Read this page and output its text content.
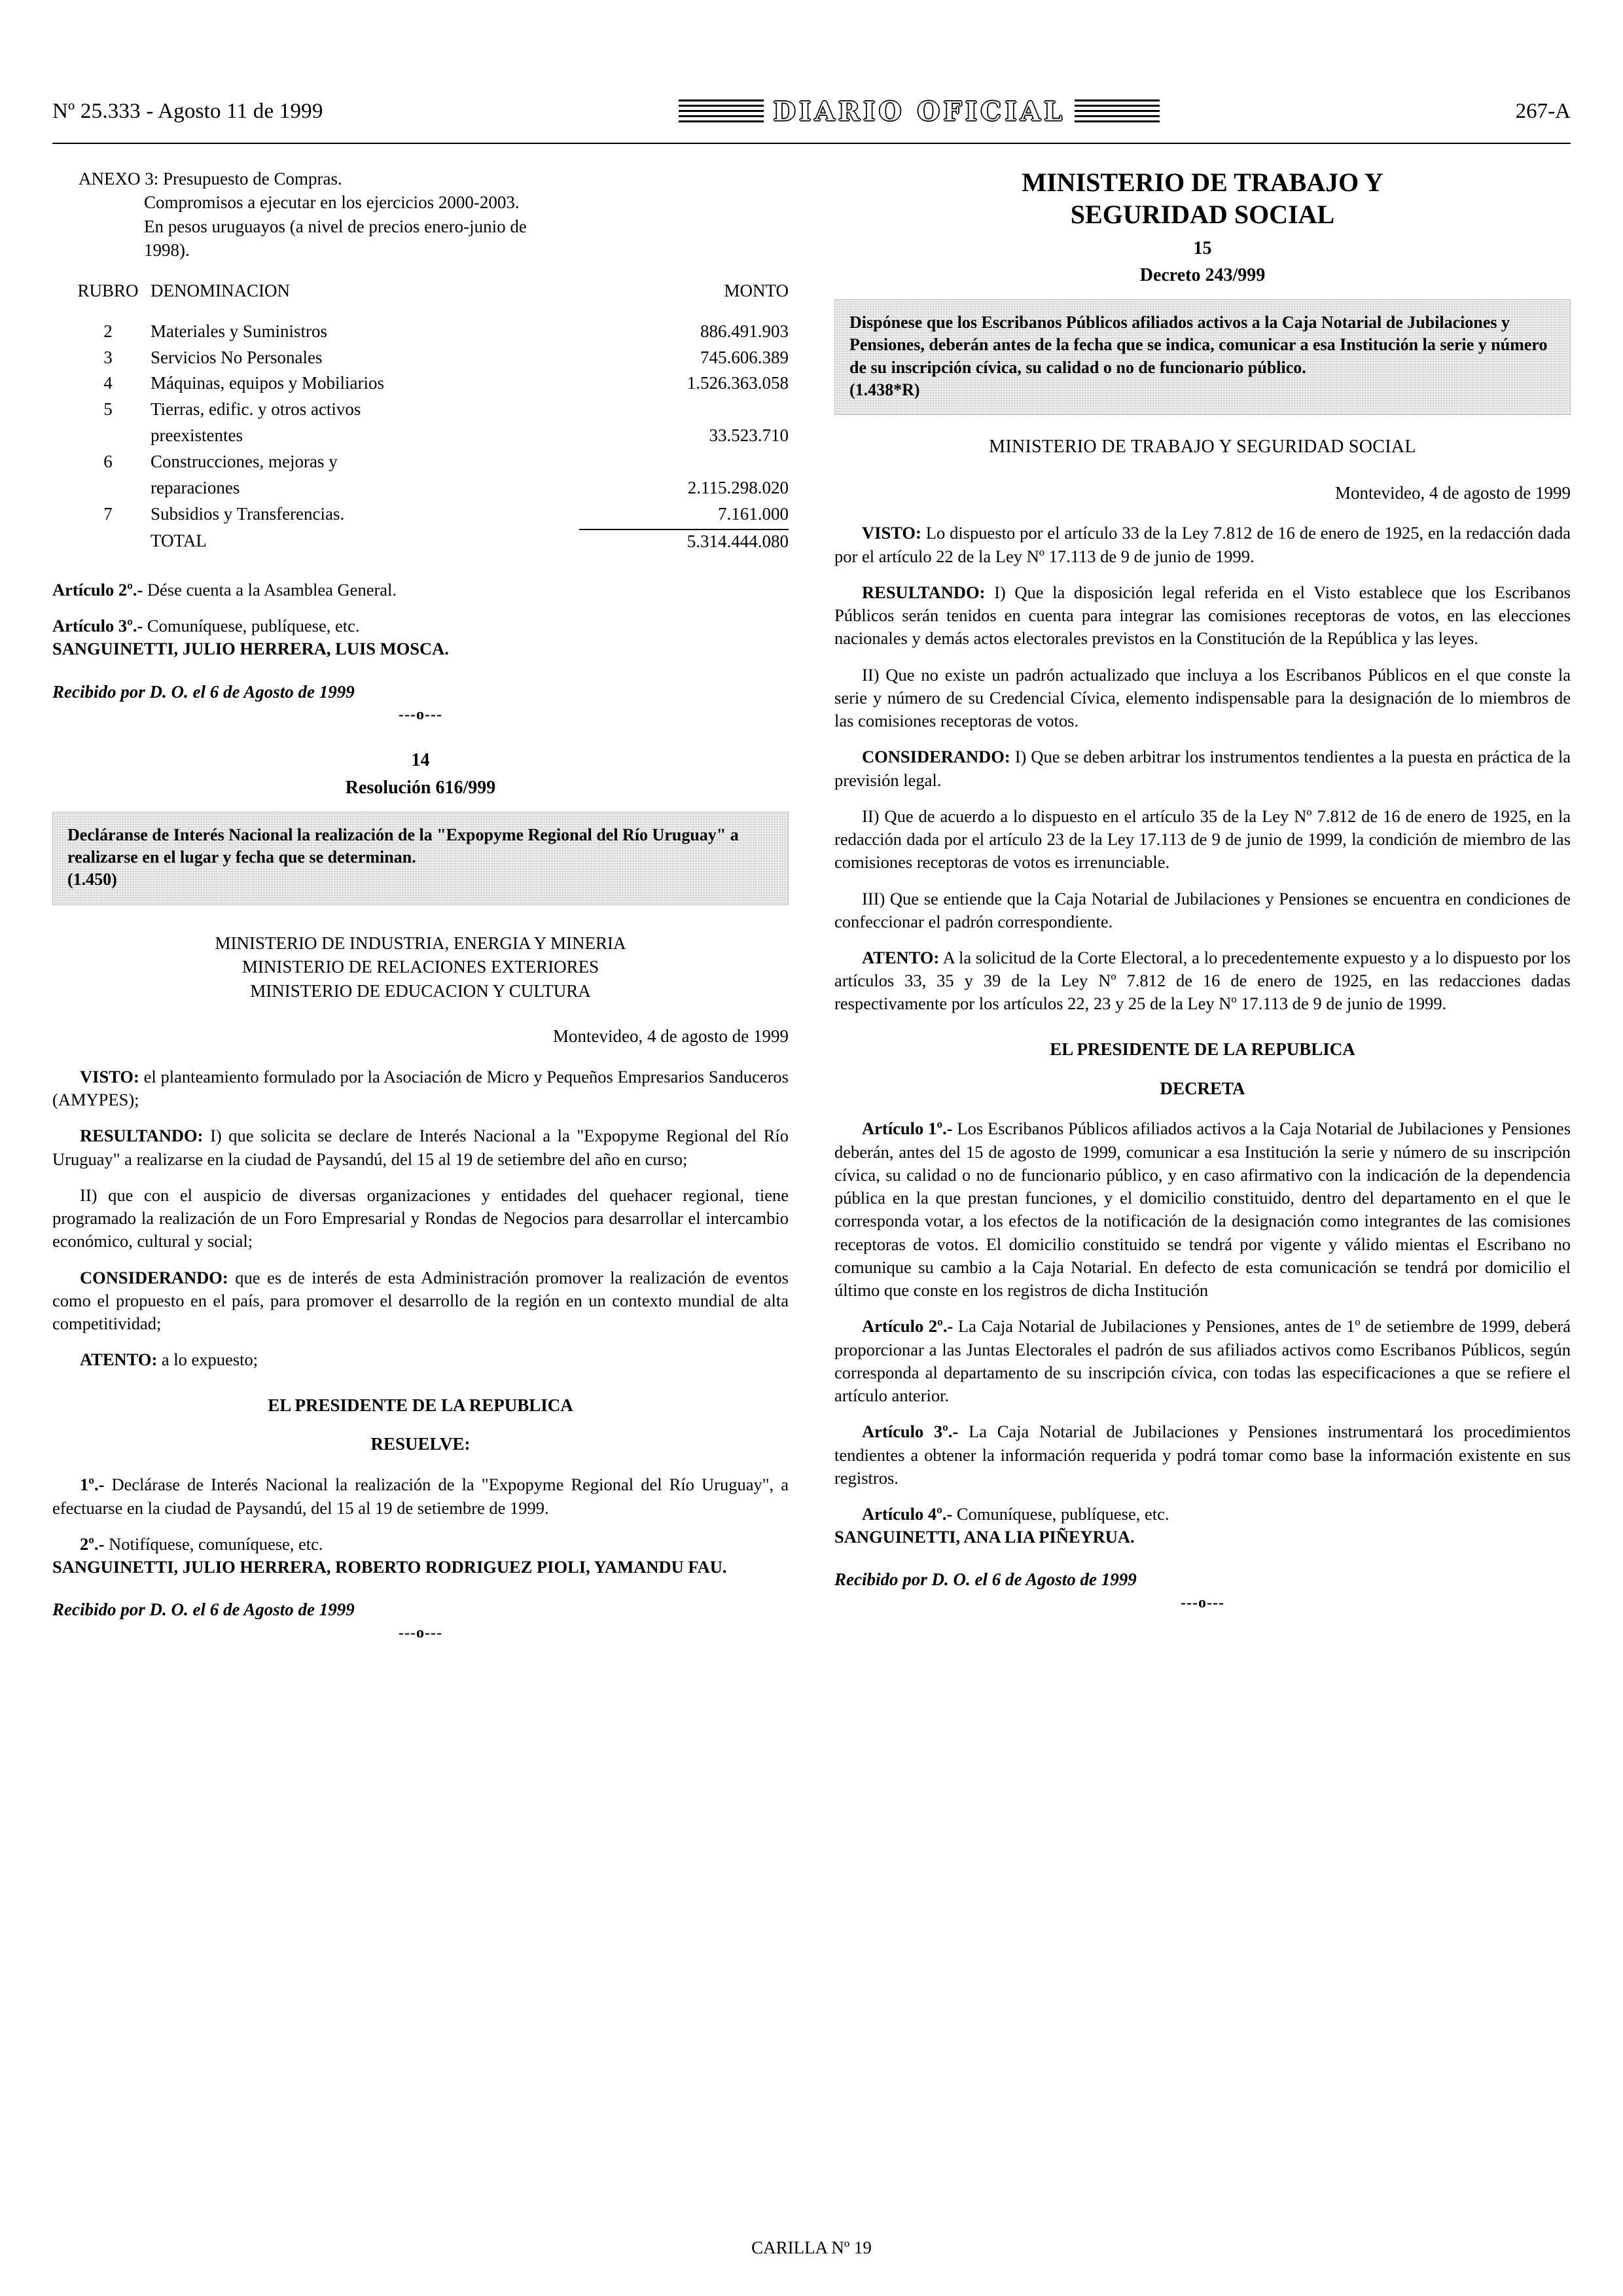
Nº 25.333 - Agosto 11 de 1999	DIARIO OFICIAL	267-A
ANEXO 3: Presupuesto de Compras.
Compromisos a ejecutar en los ejercicios 2000-2003.
En pesos uruguayos (a nivel de precios enero-junio de
1998).
RUBRO	DENOMINACION	MONTO
2	Materiales y Suministros	886.491.903
3	Servicios No Personales	745.606.389
4	Máquinas, equipos y Mobiliarios	1.526.363.058
5	Tierras, edific. y otros activos	
	preexistentes	33.523.710
6	Construcciones, mejoras y	
	reparaciones	2.115.298.020
7	Subsidios y Transferencias.	7.161.000
	TOTAL	5.314.444.080

Artículo 2º.- Dése cuenta a la Asamblea General.

Artículo 3º.- Comuníquese, publíquese, etc.

SANGUINETTI, JULIO HERRERA, LUIS MOSCA.

Recibido por D. O. el 6 de Agosto de 1999
---o---
14
Resolución 616/999
Decláranse de Interés Nacional la realización de la "Expopyme Regional del Río Uruguay" a realizarse en el lugar y fecha que se determinan.
(1.450)
MINISTERIO DE INDUSTRIA, ENERGIA Y MINERIA
MINISTERIO DE RELACIONES EXTERIORES
MINISTERIO DE EDUCACION Y CULTURA
Montevideo, 4 de agosto de 1999

VISTO: el planteamiento formulado por la Asociación de Micro y Pequeños Empresarios Sanduceros (AMYPES);

RESULTANDO: I) que solicita se declare de Interés Nacional a la "Expopyme Regional del Río Uruguay" a realizarse en la ciudad de Paysandú, del 15 al 19 de setiembre del año en curso;

II) que con el auspicio de diversas organizaciones y entidades del quehacer regional, tiene programado la realización de un Foro Empresarial y Rondas de Negocios para desarrollar el intercambio económico, cultural y social;

CONSIDERANDO: que es de interés de esta Administración promover la realización de eventos como el propuesto en el país, para promover el desarrollo de la región en un contexto mundial de alta competitividad;

ATENTO: a lo expuesto;

EL PRESIDENTE DE LA REPUBLICA
RESUELVE:

1º.- Declárase de Interés Nacional la realización de la "Expopyme Regional del Río Uruguay", a efectuarse en la ciudad de Paysandú, del 15 al 19 de setiembre de 1999.

2º.- Notifíquese, comuníquese, etc.

SANGUINETTI, JULIO HERRERA, ROBERTO RODRIGUEZ PIOLI, YAMANDU FAU.

Recibido por D. O. el 6 de Agosto de 1999
---o---
MINISTERIO DE TRABAJO Y
SEGURIDAD SOCIAL
15
Decreto 243/999
Dispónese que los Escribanos Públicos afiliados activos a la Caja Notarial de Jubilaciones y Pensiones, deberán antes de la fecha que se indica, comunicar a esa Institución la serie y número de su inscripción cívica, su calidad o no de funcionario público.
(1.438*R)
MINISTERIO DE TRABAJO Y SEGURIDAD SOCIAL
Montevideo, 4 de agosto de 1999

VISTO: Lo dispuesto por el artículo 33 de la Ley 7.812 de 16 de enero de 1925, en la redacción dada por el artículo 22 de la Ley Nº 17.113 de 9 de junio de 1999.

RESULTANDO: I) Que la disposición legal referida en el Visto establece que los Escribanos Públicos serán tenidos en cuenta para integrar las comisiones receptoras de votos, en las elecciones nacionales y demás actos electorales previstos en la Constitución de la República y las leyes.

II) Que no existe un padrón actualizado que incluya a los Escribanos Públicos en el que conste la serie y número de su Credencial Cívica, elemento indispensable para la designación de lo miembros de las comisiones receptoras de votos.

CONSIDERANDO: I) Que se deben arbitrar los instrumentos tendientes a la puesta en práctica de la previsión legal.

II) Que de acuerdo a lo dispuesto en el artículo 35 de la Ley Nº 7.812 de 16 de enero de 1925, en la redacción dada por el artículo 23 de la Ley 17.113 de 9 de junio de 1999, la condición de miembro de las comisiones receptoras de votos es irrenunciable.

III) Que se entiende que la Caja Notarial de Jubilaciones y Pensiones se encuentra en condiciones de confeccionar el padrón correspondiente.

ATENTO: A la solicitud de la Corte Electoral, a lo precedentemente expuesto y a lo dispuesto por los artículos 33, 35 y 39 de la Ley Nº 7.812 de 16 de enero de 1925, en las redacciones dadas respectivamente por los artículos 22, 23 y 25 de la Ley Nº 17.113 de 9 de junio de 1999.

EL PRESIDENTE DE LA REPUBLICA
DECRETA

Artículo 1º.- Los Escribanos Públicos afiliados activos a la Caja Notarial de Jubilaciones y Pensiones deberán, antes del 15 de agosto de 1999, comunicar a esa Institución la serie y número de su inscripción cívica, su calidad o no de funcionario público, y en caso afirmativo con la indicación de la dependencia pública en la que prestan funciones, y el domicilio constituido, dentro del departamento en el que le corresponda votar, a los efectos de la notificación de la designación como integrantes de las comisiones receptoras de votos. El domicilio constituido se tendrá por vigente y válido mientas el Escribano no comunique su cambio a la Caja Notarial. En defecto de esta comunicación se tendrá por domicilio el último que conste en los registros de dicha Institución

Artículo 2º.- La Caja Notarial de Jubilaciones y Pensiones, antes de 1º de setiembre de 1999, deberá proporcionar a las Juntas Electorales el padrón de sus afiliados activos como Escribanos Públicos, según corresponda al departamento de su inscripción cívica, con todas las especificaciones a que se refiere el artículo anterior.

Artículo 3º.- La Caja Notarial de Jubilaciones y Pensiones instrumentará los procedimientos tendientes a obtener la información requerida y podrá tomar como base la información existente en sus registros.

Artículo 4º.- Comuníquese, publíquese, etc.

SANGUINETTI, ANA LIA PIÑEYRUA.

Recibido por D. O. el 6 de Agosto de 1999
---o---
CARILLA Nº 19
